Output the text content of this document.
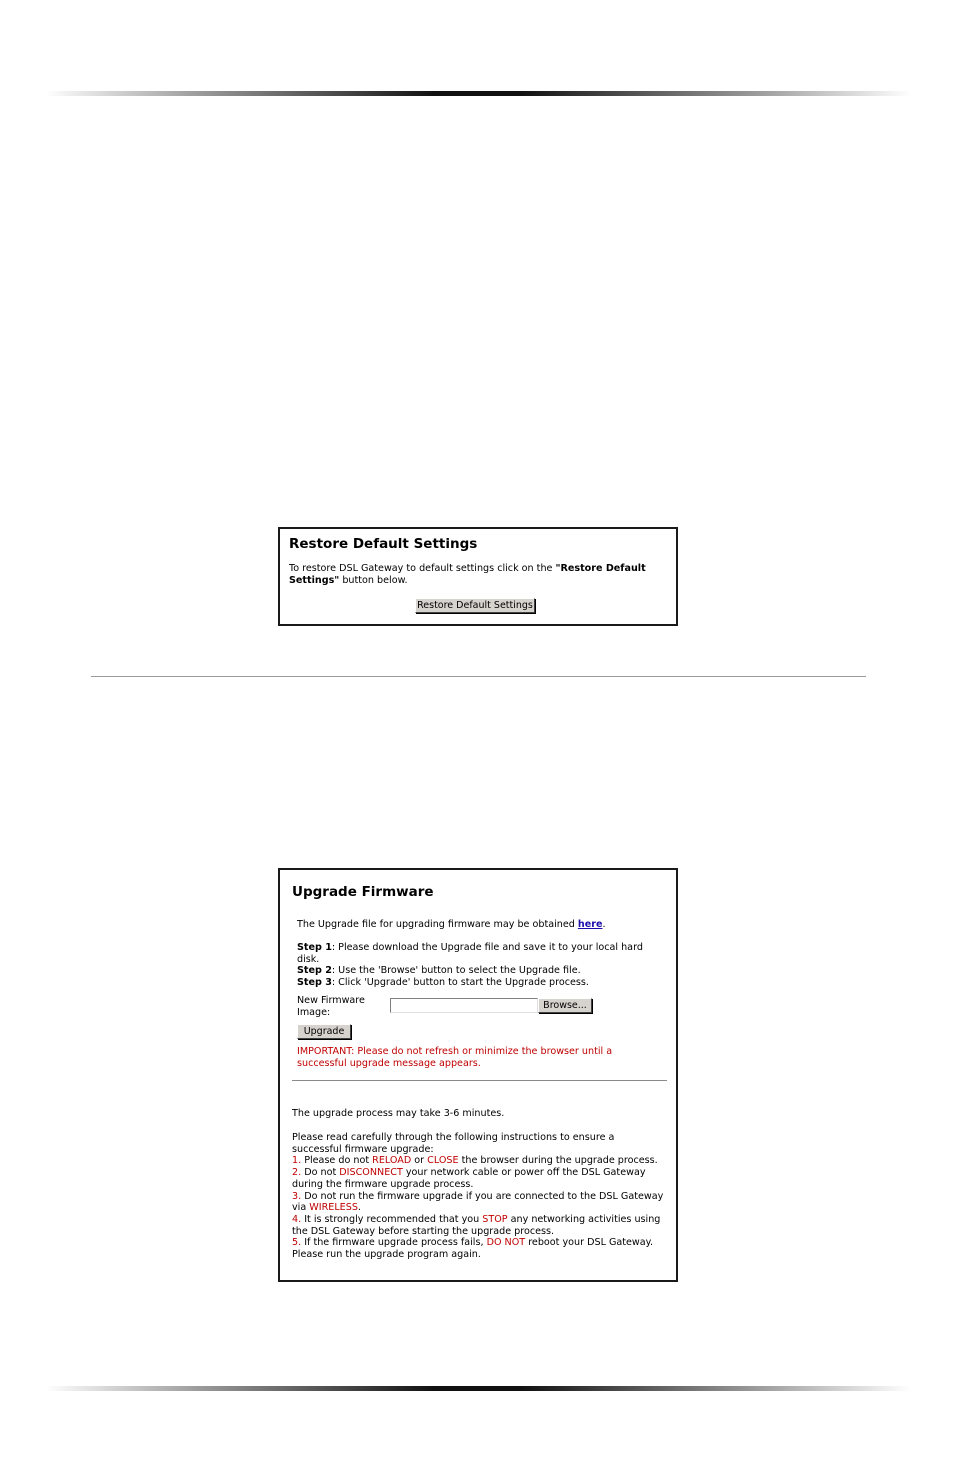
Restore Default Settings
To restore DSL Gateway to default settings click on the "Restore Default
Settings" button below.
Restore Default Settings
Upgrade Firmware
The Upgrade file for upgrading firmware may be obtained here.
Step 1: Please download the Upgrade file and save it to your local hard
disk.
Step 2: Use the 'Browse' button to select the Upgrade file.
Step 3: Click 'Upgrade' button to start the Upgrade process.
New Firmware
Image:
Browse...
Upgrade
IMPORTANT: Please do not refresh or minimize the browser until a
successful upgrade message appears.
The upgrade process may take 3-6 minutes.
Please read carefully through the following instructions to ensure a
successful firmware upgrade:
1. Please do not RELOAD or CLOSE the browser during the upgrade process.
2. Do not DISCONNECT your network cable or power off the DSL Gateway
during the firmware upgrade process.
3. Do not run the firmware upgrade if you are connected to the DSL Gateway
via WIRELESS.
4. It is strongly recommended that you STOP any networking activities using
the DSL Gateway before starting the upgrade process.
5. If the firmware upgrade process fails, DO NOT reboot your DSL Gateway.
Please run the upgrade program again.
